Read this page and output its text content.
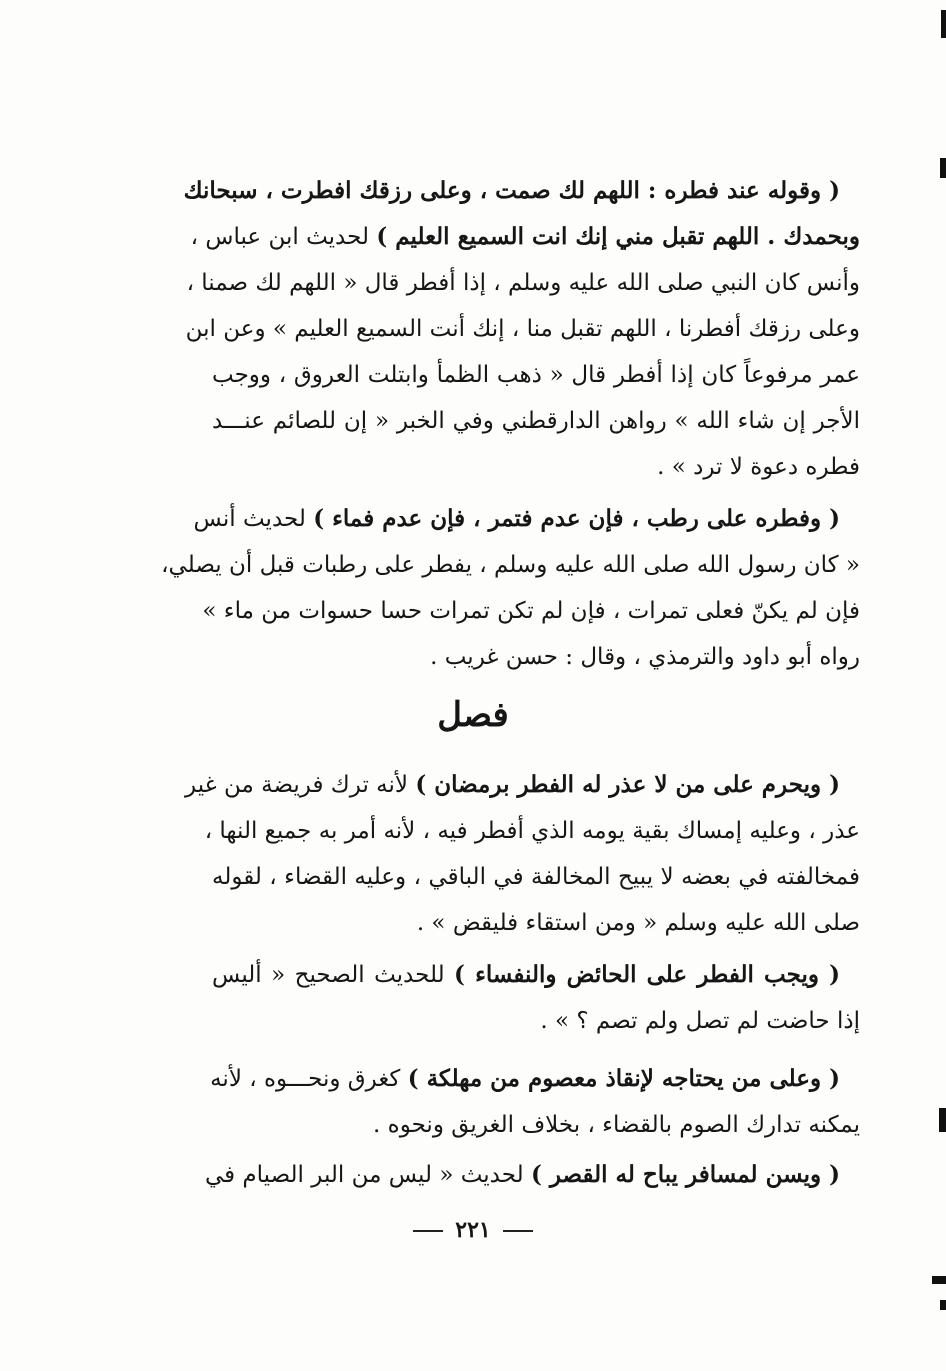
( وقوله عند فطره : اللهم لك صمت ، وعلى رزقك افطرت ، سبحانك
وبحمدك . اللهم تقبل مني إنك انت السميع العليم ) لحديث ابن عباس ،
وأنس كان النبي صلى الله عليه وسلم ، إذا أفطر قال « اللهم لك صمنا ،
وعلى رزقك أفطرنا ، اللهم تقبل منا ، إنك أنت السميع العليم » وعن ابن
عمر مرفوعاً كان إذا أفطر قال « ذهب الظمأ وابتلت العروق ، ووجب
الأجر إن شاء الله » رواهن الدارقطني وفي الخبر « إن للصائم عنـــد
فطره دعوة لا ترد » .
( وفطره على رطب ، فإن عدم فتمر ، فإن عدم فماء ) لحديث أنس
« كان رسول الله صلى الله عليه وسلم ، يفطر على رطبات قبل أن يصلي،
فإن لم يكنّ فعلى تمرات ، فإن لم تكن تمرات حسا حسوات من ماء »
رواه أبو داود والترمذي ، وقال : حسن غريب .
فصل
( ويحرم على من لا عذر له الفطر برمضان ) لأنه ترك فريضة من غير
عذر ، وعليه إمساك بقية يومه الذي أفطر فيه ، لأنه أمر به جميع النها ،
فمخالفته في بعضه لا يبيح المخالفة في الباقي ، وعليه القضاء ، لقوله
صلى الله عليه وسلم « ومن استقاء فليقض » .
( ويجب الفطر على الحائض والنفساء ) للحديث الصحيح « أليس
إذا حاضت لم تصل ولم تصم ؟ » .
( وعلى من يحتاجه لإنقاذ معصوم من مهلكة ) كغرق ونحـــوه ، لأنه
يمكنه تدارك الصوم بالقضاء ، بخلاف الغريق ونحوه .
( ويسن لمسافر يباح له القصر ) لحديث « ليس من البر الصيام في
٢٢١
